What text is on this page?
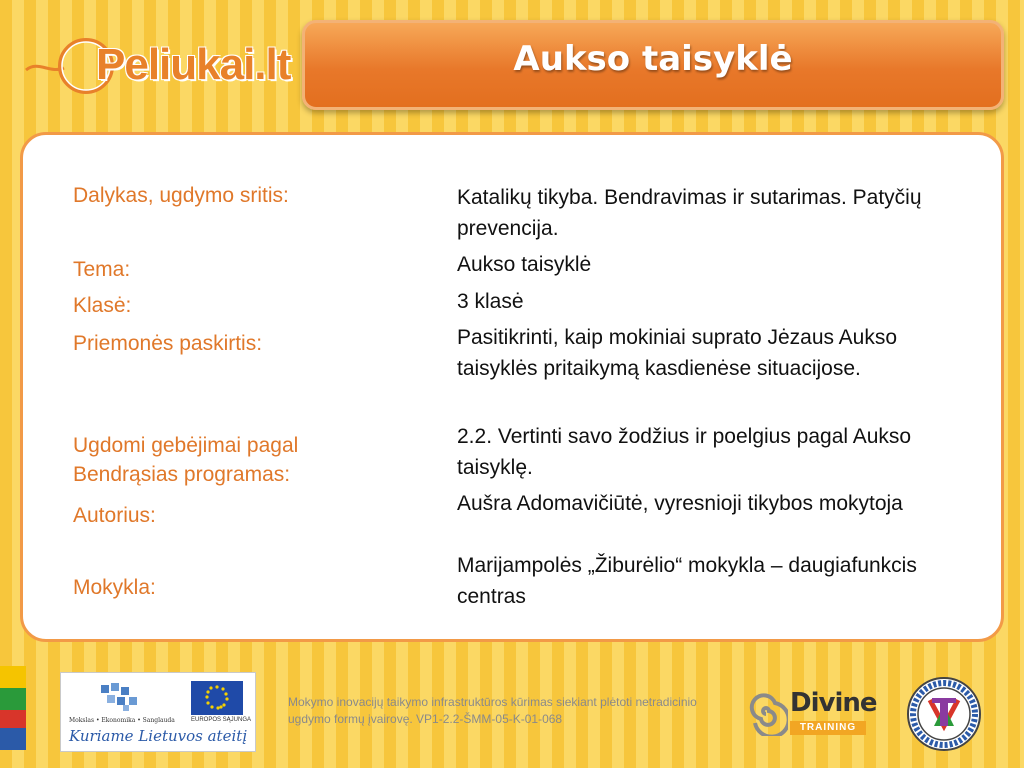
Peliukai.lt	Aukso taisyklė
Dalykas, ugdymo sritis:
Tema:
Klasė:
Priemonės paskirtis:
Ugdomi gebėjimai pagal Bendrąsias programas:
Autorius:
Mokykla:
Katalikų tikyba. Bendravimas ir sutarimas. Patyčių prevencija.
Aukso taisyklė
3 klasė
Pasitikrinti, kaip mokiniai suprato Jėzaus Aukso taisyklės pritaikymą kasdienėse situacijose.
2.2. Vertinti savo žodžius ir poelgius pagal Aukso taisyklę.
Aušra Adomavičiūtė, vyresnioji tikybos mokytoja
Marijampolės „Žiburėlio“ mokykla – daugiafunkcis centras
Mokslas • Ekonomika • Sanglauda	EUROPOS SĄJUNGA
Kuriame Lietuvos ateitį
Mokymo inovacijų taikymo infrastruktūros kūrimas siekiant plėtoti netradicinio ugdymo formų įvairovę. VP1-2.2-ŠMM-05-K-01-068
Divine
TRAINING
